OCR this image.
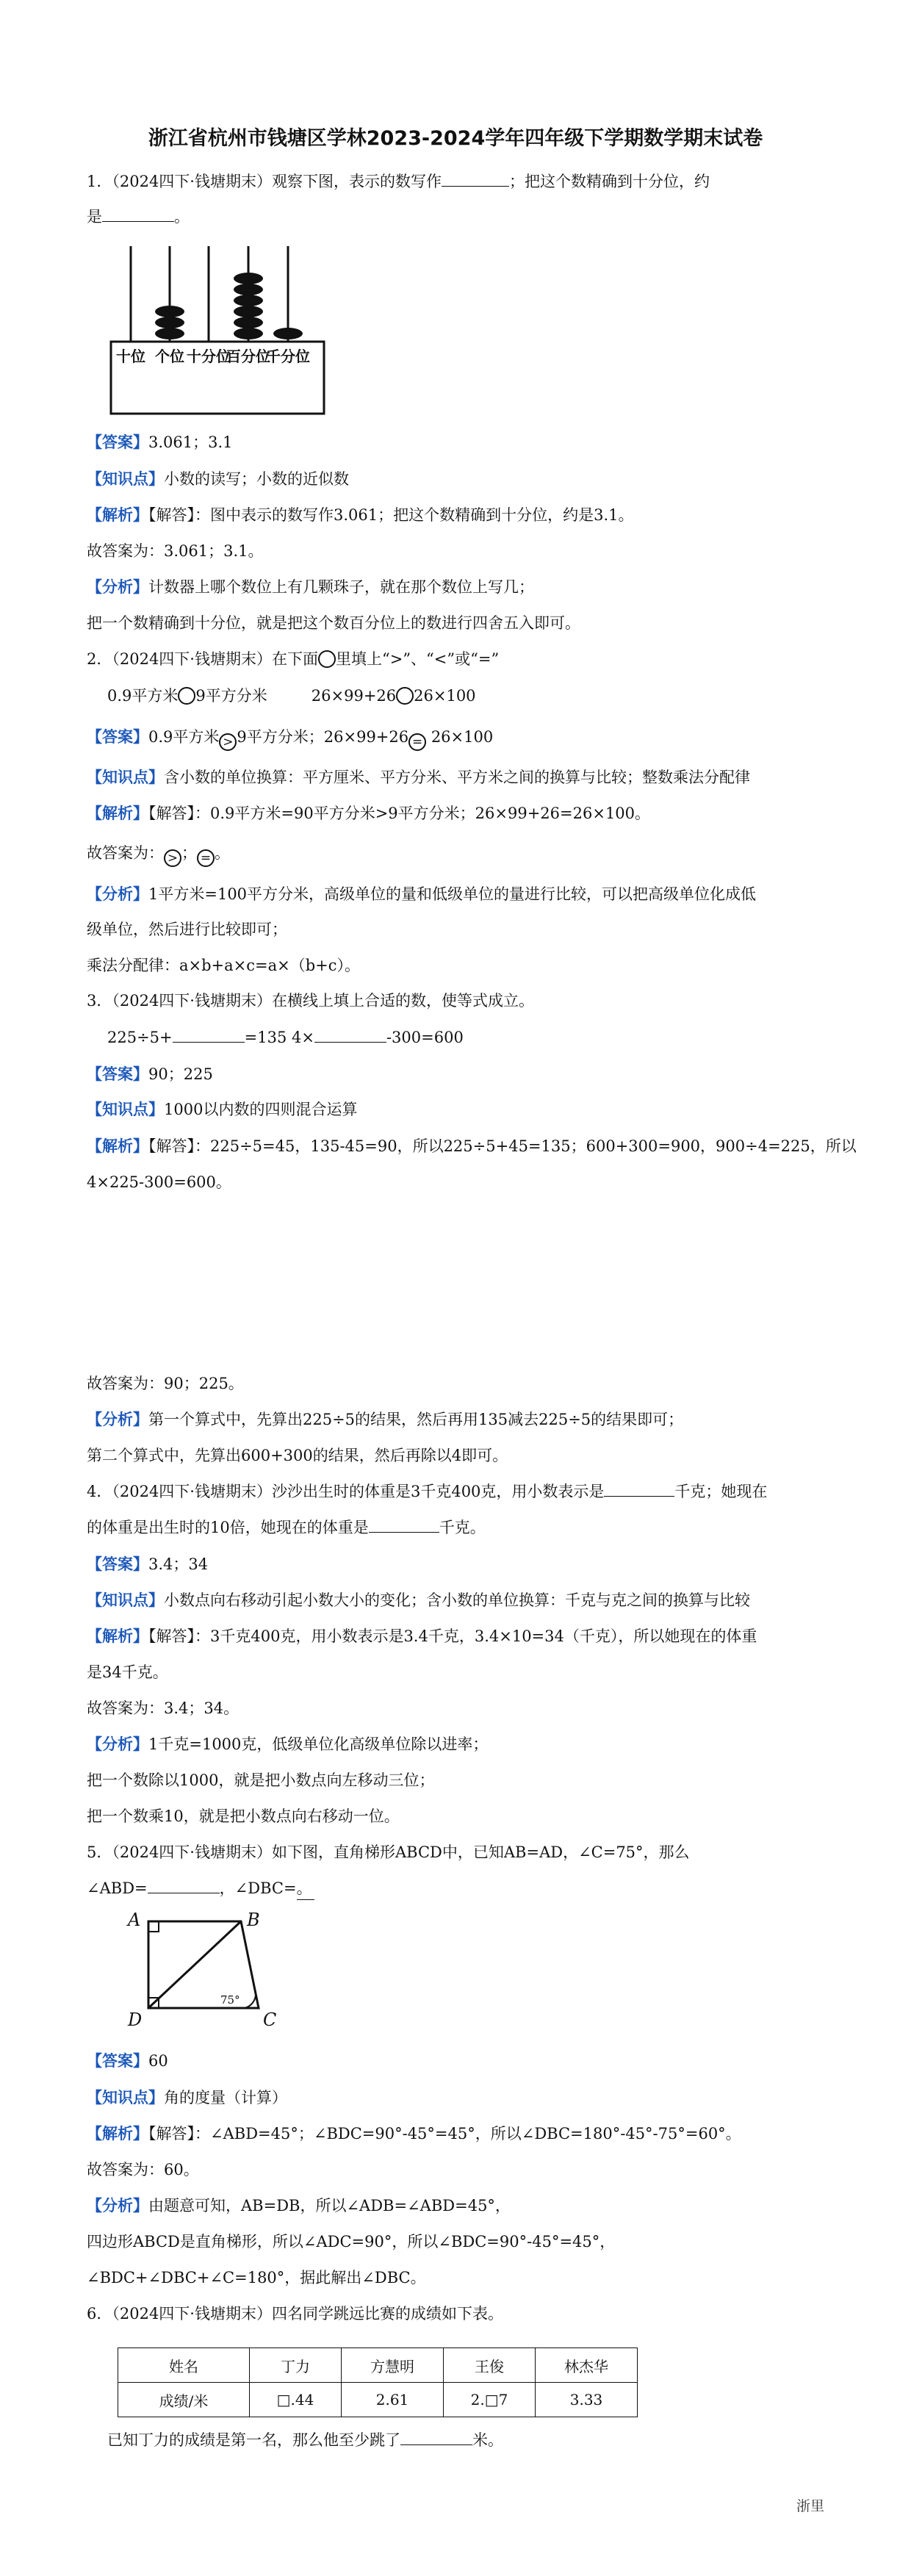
浙江省杭州市钱塘区学林2023-2024学年四年级下学期数学期末试卷
1．（2024四下·钱塘期末）观察下图，表示的数写作	；把这个数精确到十分位，约
是	。
十位 个位 十分位
百分位
千分位
【答案】3.061；3.1
【知识点】小数的读写；小数的近似数
【解析】【解答】：图中表示的数写作3.061；把这个数精确到十分位，约是3.1。
故答案为：3.061；3.1。
【分析】计数器上哪个数位上有几颗珠子，就在那个数位上写几；
把一个数精确到十分位，就是把这个数百分位上的数进行四舍五入即可。
2．（2024四下·钱塘期末）在下面 里填上“>”、“<”或“=”
0.9平方米 9平方分米	26×99+26 26×100
【答案】0.9平方米 > 9平方分米；26×99+26 = 26×100
【知识点】含小数的单位换算：平方厘米、平方分米、平方米之间的换算与比较；整数乘法分配律
【解析】【解答】：0.9平方米=90平方分米>9平方分米；26×99+26=26×100。
故答案为： > ； = 。
【分析】1平方米=100平方分米，高级单位的量和低级单位的量进行比较，可以把高级单位化成低
级单位，然后进行比较即可；
乘法分配律：a×b+a×c=a×（b+c）。
3．（2024四下·钱塘期末）在横线上填上合适的数，使等式成立。
225÷5+	=135 4×	-300=600
【答案】90；225
【知识点】1000以内数的四则混合运算
【解析】【解答】：225÷5=45，135-45=90，所以225÷5+45=135；600+300=900，900÷4=225，所以
4×225-300=600。
故答案为：90；225。
【分析】第一个算式中，先算出225÷5的结果，然后再用135减去225÷5的结果即可；
第二个算式中，先算出600+300的结果，然后再除以4即可。
4．（2024四下·钱塘期末）沙沙出生时的体重是3千克400克，用小数表示是	千克；她现在
的体重是出生时的10倍，她现在的体重是	千克。
【答案】3.4；34
【知识点】小数点向右移动引起小数大小的变化；含小数的单位换算：千克与克之间的换算与比较
【解析】【解答】：3千克400克，用小数表示是3.4千克，3.4×10=34（千克），所以她现在的体重
是34千克。
故答案为：3.4；34。
【分析】1千克=1000克，低级单位化高级单位除以进率；
把一个数除以1000，就是把小数点向左移动三位；
把一个数乘10，就是把小数点向右移动一位。
5．（2024四下·钱塘期末）如下图，直角梯形ABCD中，已知AB=AD，∠C=75°，那么
∠ABD=	，∠DBC=。
A	B
C
D
75°
【答案】60
【知识点】角的度量（计算）
【解析】【解答】：∠ABD=45°；∠BDC=90°-45°=45°，所以∠DBC=180°-45°-75°=60°。
故答案为：60。
【分析】由题意可知，AB=DB，所以∠ADB=∠ABD=45°，
四边形ABCD是直角梯形，所以∠ADC=90°，所以∠BDC=90°-45°=45°，
∠BDC+∠DBC+∠C=180°，据此解出∠DBC。
6．（2024四下·钱塘期末）四名同学跳远比赛的成绩如下表。
姓名	丁力	方慧明	王俊	林杰华
成绩/米	□.44	2.61	2.□7	3.33
已知丁力的成绩是第一名，那么他至少跳了	米。
浙里
